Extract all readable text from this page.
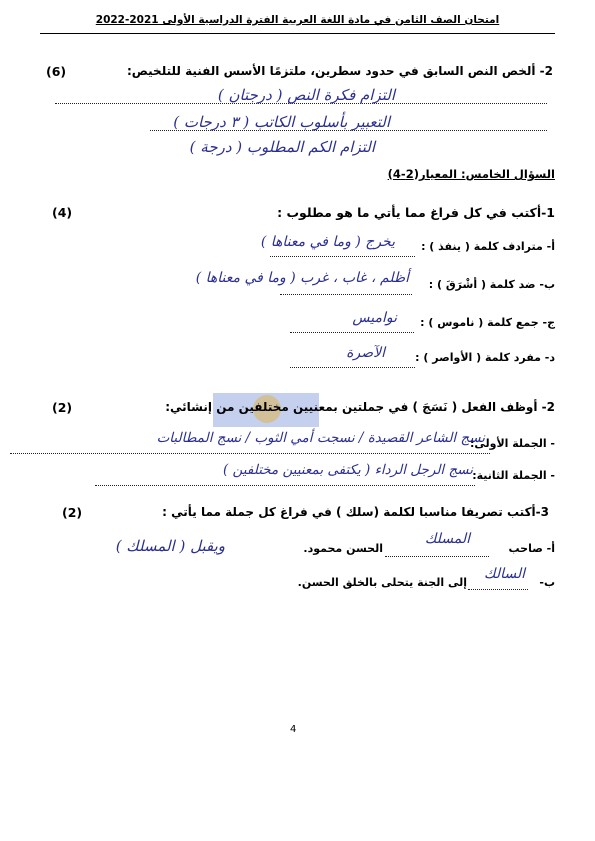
امتحان الصف الثامن في مادة اللغة العربية الفترة الدراسية الأولى 2021-2022
2- ألخص النص السابق في حدود سطرين، ملتزمًا الأسس الفنية للتلخيص:
(6)
التزام فكرة النص ( درجتان )
التعبير بأسلوب الكاتب ( ٣ درجات )
التزام الكم المطلوب ( درجة )
السؤال الخامس: المعيار(2-4)
1-أكتب في كل فراغ مما يأتي ما هو مطلوب :
(4)
أ- مترادف كلمة ( ينفذ ) :
يخرج ( وما في معناها )
ب- ضد كلمة ( أشْرَقَ ) :
أظلم ، غاب ، غرب ( وما في معناها )
ج- جمع كلمة ( ناموس ) :
نواميس
د- مفرد كلمة ( الأواصر ) :
الآصرة
2- أوظف الفعل ( نَسَجَ ) في جملتين بمعنيين مختلفين من إنشائي:
(2)
- الجملة الأولى:
نسج الشاعر القصيدة / نسجت أمي الثوب / نسج المطالبات
- الجملة الثانية:
نسج الرجل الرداء ( يكتفى بمعنيين مختلفين )
3-أكتب تصريفا مناسبا لكلمة (سلك ) في فراغ كل جملة مما يأتي :
(2)
أ- صاحب
المسلك
الحسن محمود.
ويقبل ( المسلك )
ب-
السالك
إلى الجنة يتحلى بالخلق الحسن.
4
